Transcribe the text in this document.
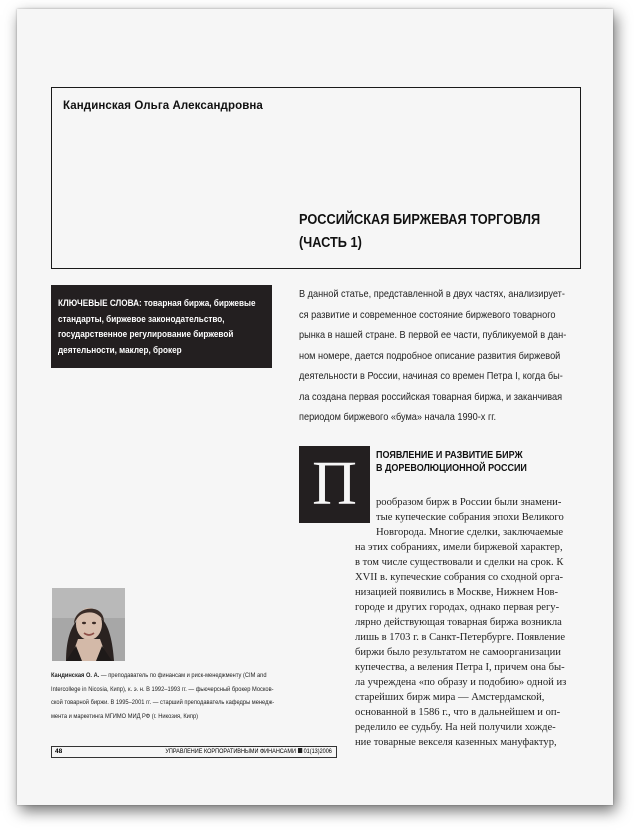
Кандинская Ольга Александровна
РОССИЙСКАЯ БИРЖЕВАЯ ТОРГОВЛЯ
(ЧАСТЬ 1)
КЛЮЧЕВЫЕ СЛОВА: товарная биржа, биржевые стандарты, биржевое законодательство, государственное регулирование биржевой деятельности, маклер, брокер
В данной статье, представленной в двух частях, анализирует-
ся развитие и современное состояние биржевого товарного
рынка в нашей стране. В первой ее части, публикуемой в дан-
ном номере, дается подробное описание развития биржевой
деятельности в России, начиная со времен Петра I, когда бы-
ла создана первая российская товарная биржа, и заканчивая
периодом биржевого «бума» начала 1990-х гг.
П	ПОЯВЛЕНИЕ И РАЗВИТИЕ БИРЖ
В ДОРЕВОЛЮЦИОННОЙ РОССИИ
рообразом бирж в России были знамени-
тые купеческие собрания эпохи Великого
Новгорода. Многие сделки, заключаемые
на этих собраниях, имели биржевой характер,
в том числе существовали и сделки на срок. К
XVII в. купеческие собрания со сходной орга-
низацией появились в Москве, Нижнем Нов-
городе и других городах, однако первая регу-
лярно действующая товарная биржа возникла
лишь в 1703 г. в Санкт-Петербурге. Появление
биржи было результатом не самоорганизации
купечества, а веления Петра I, причем она бы-
ла учреждена «по образу и подобию» одной из
старейших бирж мира — Амстердамской,
основанной в 1586 г., что в дальнейшем и оп-
ределило ее судьбу. На ней получили хожде-
ние товарные векселя казенных мануфактур,
Кандинская О. А. — преподаватель по финансам и риск-менеджменту (CIM and
Intercollege in Nicosia, Кипр), к. э. н. В 1992–1993 гг. — фьючерсный брокер Москов-
ской товарной биржи. В 1995–2001 гг. — старший преподаватель кафедры менедж-
мента и маркетинга МГИМО МИД РФ (г. Никозия, Кипр)
48	УПРАВЛЕНИЕ КОРПОРАТИВНЫМИ ФИНАНСАМИ 01(13)2006
